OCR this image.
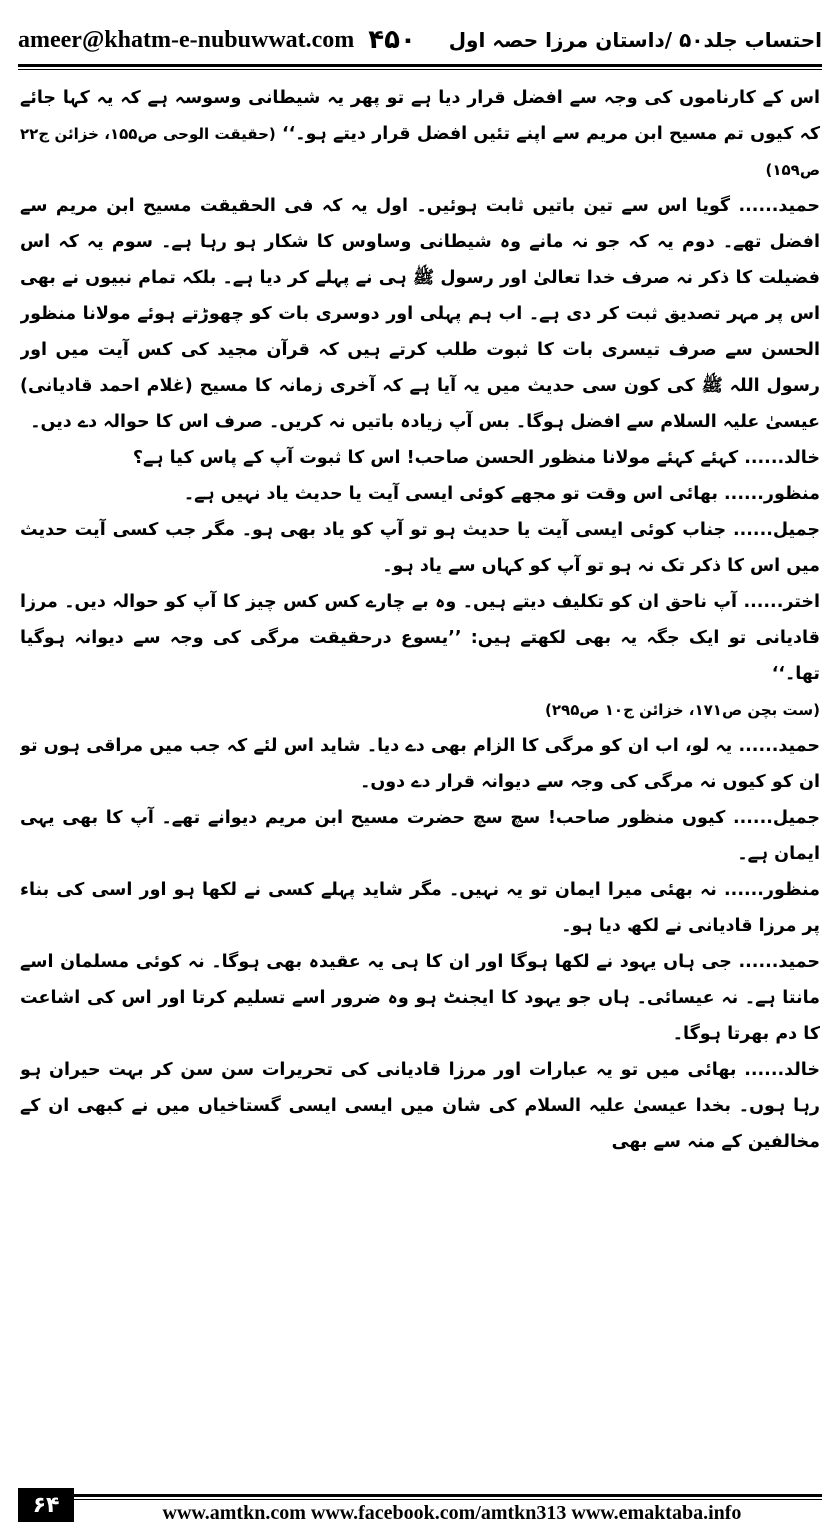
ameer@khatm-e-nubuwwat.com ۴۵۰ احتساب جلد۵۰ /داستان مرزا حصہ اول

اس کے کارناموں کی وجہ سے افضل قرار دیا ہے تو پھر یہ شیطانی وسوسہ ہے کہ یہ کہا جائے کہ کیوں تم مسیح ابن مریم سے اپنے تئیں افضل قرار دیتے ہو۔‘‘ (حقیقت الوحی ص۱۵۵، خزائن ج۲۲ ص۱۵۹)

حمید...... گویا اس سے تین باتیں ثابت ہوئیں۔ اول یہ کہ فی الحقیقت مسیح ابن مریم سے افضل تھے۔ دوم یہ کہ جو نہ مانے وہ شیطانی وساوس کا شکار ہو رہا ہے۔ سوم یہ کہ اس فضیلت کا ذکر نہ صرف خدا تعالیٰ اور رسول ﷺ ہی نے پہلے کر دیا ہے۔ بلکہ تمام نبیوں نے بھی اس پر مہر تصدیق ثبت کر دی ہے۔ اب ہم پہلی اور دوسری بات کو چھوڑتے ہوئے مولانا منظور الحسن سے صرف تیسری بات کا ثبوت طلب کرتے ہیں کہ قرآن مجید کی کس آیت میں اور رسول اللہ ﷺ کی کون سی حدیث میں یہ آیا ہے کہ آخری زمانہ کا مسیح (غلام احمد قادیانی) عیسیٰ علیہ السلام سے افضل ہوگا۔ بس آپ زیادہ باتیں نہ کریں۔ صرف اس کا حوالہ دے دیں۔

خالد...... کہئے کہئے مولانا منظور الحسن صاحب! اس کا ثبوت آپ کے پاس کیا ہے؟

منظور...... بھائی اس وقت تو مجھے کوئی ایسی آیت یا حدیث یاد نہیں ہے۔

جمیل...... جناب کوئی ایسی آیت یا حدیث ہو تو آپ کو یاد بھی ہو۔ مگر جب کسی آیت حدیث میں اس کا ذکر تک نہ ہو تو آپ کو کہاں سے یاد ہو۔

اختر...... آپ ناحق ان کو تکلیف دیتے ہیں۔ وہ بے چارے کس کس چیز کا آپ کو حوالہ دیں۔ مرزا قادیانی تو ایک جگہ یہ بھی لکھتے ہیں: ’’یسوع درحقیقت مرگی کی وجہ سے دیوانہ ہوگیا تھا۔‘‘

(ست بچن ص۱۷۱، خزائن ج۱۰ ص۲۹۵)

حمید...... یہ لو، اب ان کو مرگی کا الزام بھی دے دیا۔ شاید اس لئے کہ جب میں مراقی ہوں تو ان کو کیوں نہ مرگی کی وجہ سے دیوانہ قرار دے دوں۔

جمیل...... کیوں منظور صاحب! سچ سچ حضرت مسیح ابن مریم دیوانے تھے۔ آپ کا بھی یہی ایمان ہے۔

منظور...... نہ بھئی میرا ایمان تو یہ نہیں۔ مگر شاید پہلے کسی نے لکھا ہو اور اسی کی بناء پر مرزا قادیانی نے لکھ دیا ہو۔

حمید...... جی ہاں یہود نے لکھا ہوگا اور ان کا ہی یہ عقیدہ بھی ہوگا۔ نہ کوئی مسلمان اسے مانتا ہے۔ نہ عیسائی۔ ہاں جو یہود کا ایجنٹ ہو وہ ضرور اسے تسلیم کرتا اور اس کی اشاعت کا دم بھرتا ہوگا۔

خالد...... بھائی میں تو یہ عبارات اور مرزا قادیانی کی تحریرات سن سن کر بہت حیران ہو رہا ہوں۔ بخدا عیسیٰ علیہ السلام کی شان میں ایسی ایسی گستاخیاں میں نے کبھی ان کے مخالفین کے منہ سے بھی

۶۴	www.amtkn.com www.facebook.com/amtkn313 www.emaktaba.info
